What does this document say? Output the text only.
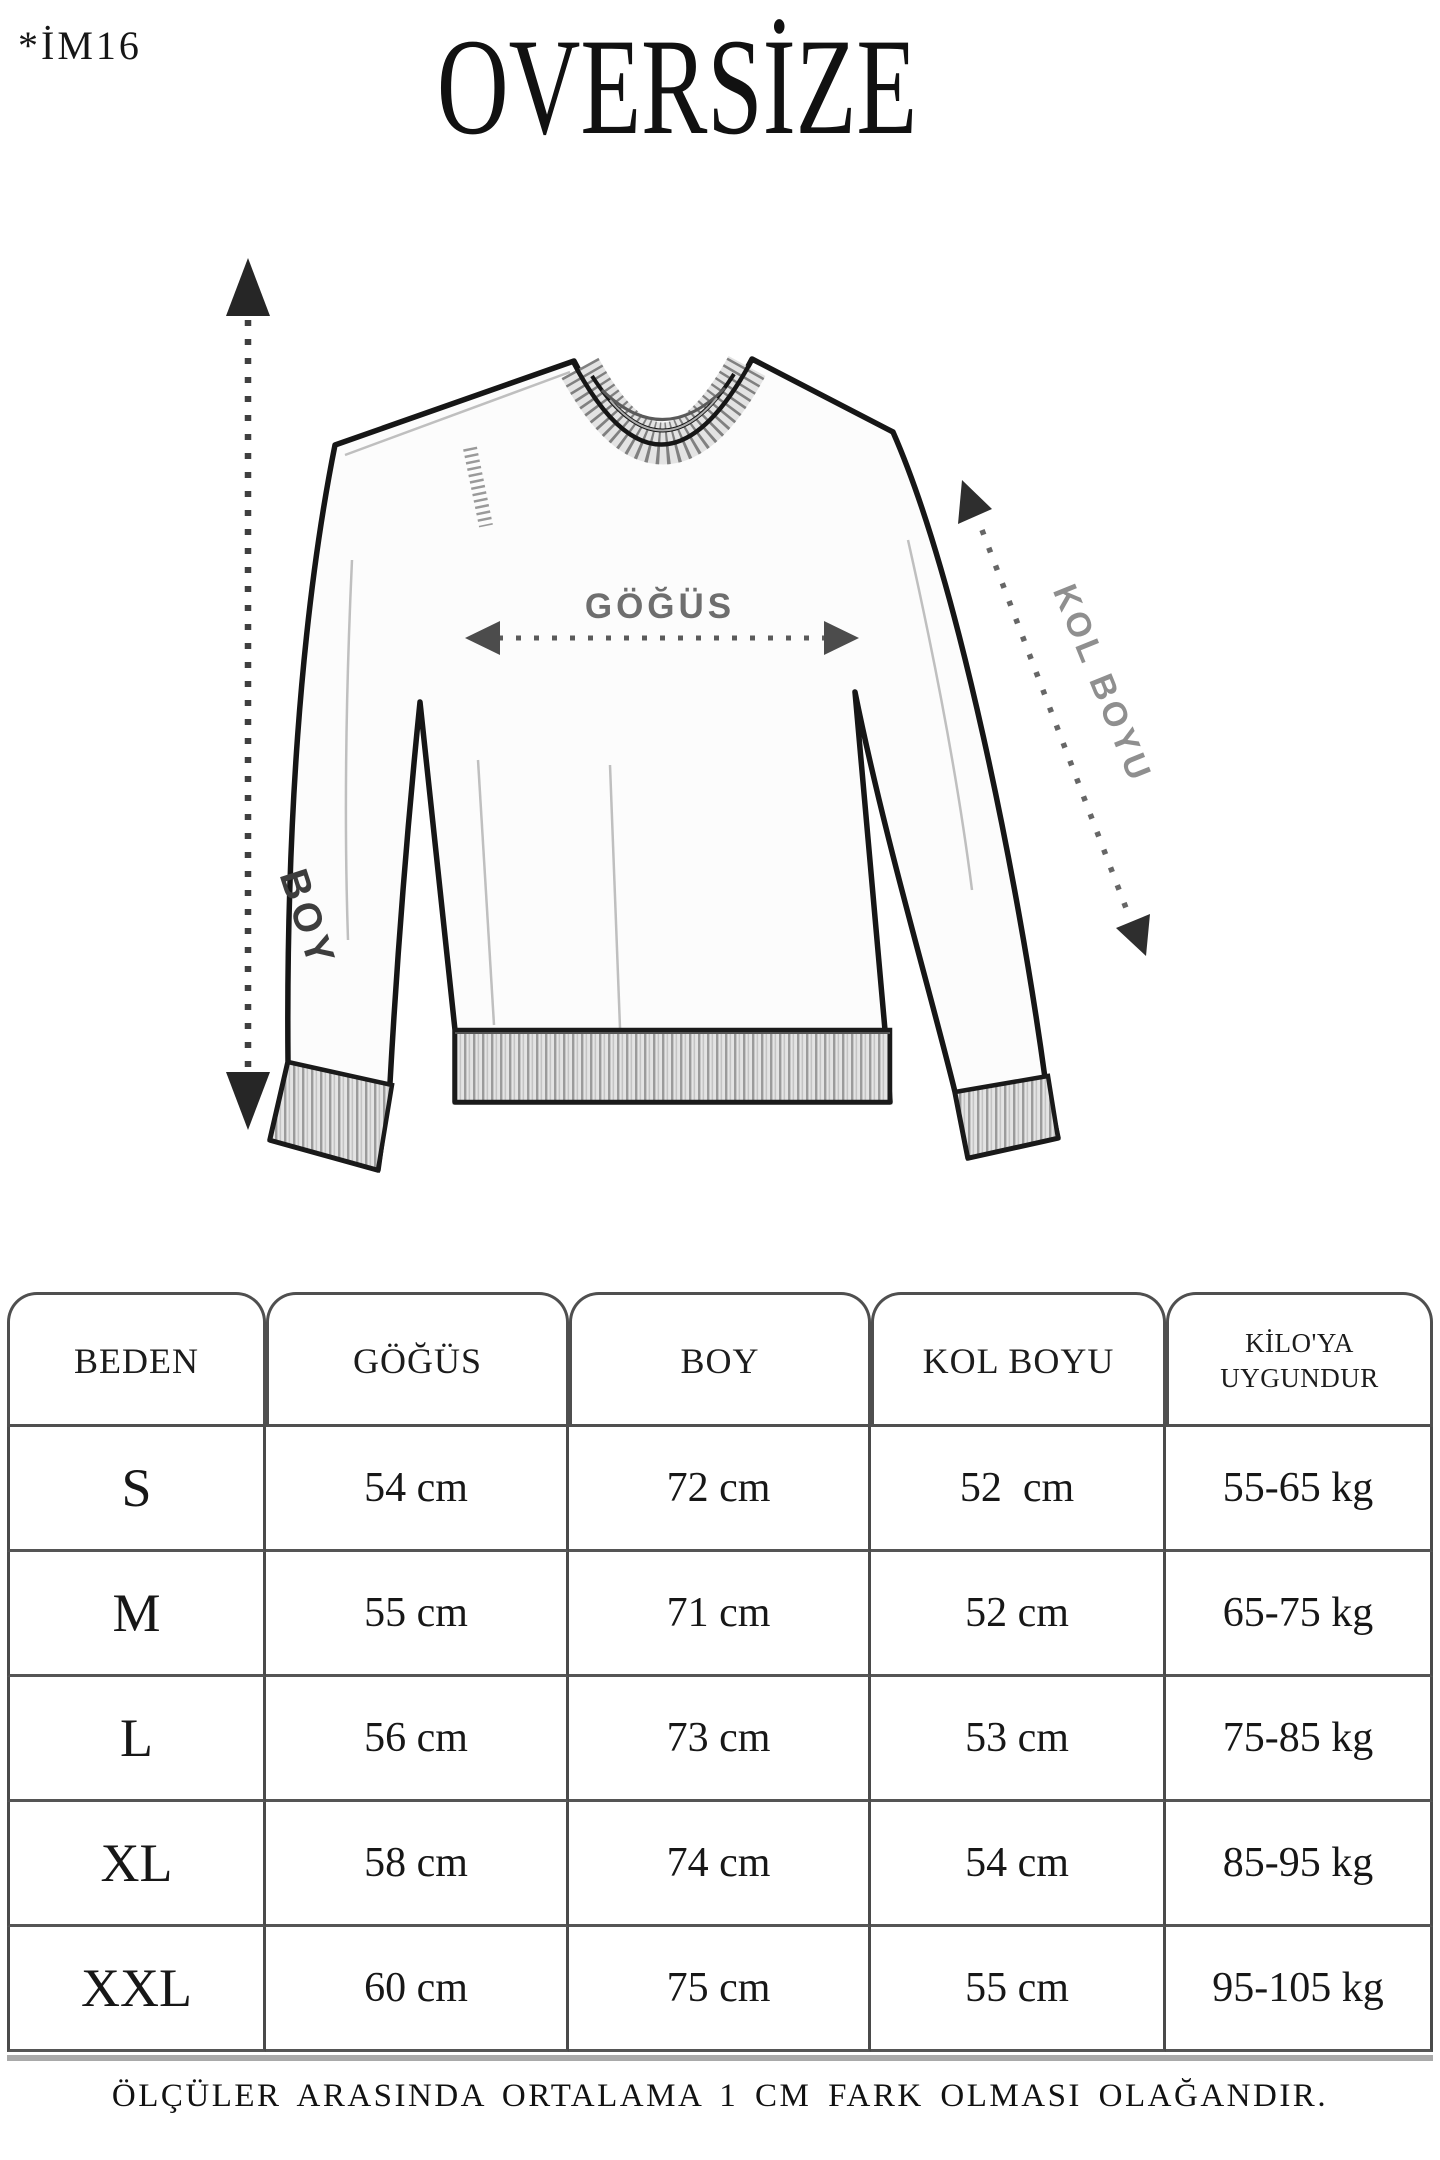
*İM16	OVERSİZE
BOY
GÖĞÜS	KOL BOYU
BEDEN	GÖĞÜS	BOY	KOL BOYU	KİLO'YA UYGUNDUR
S	54 cm	72 cm	52  cm	55-65 kg
M	55 cm	71 cm	52 cm	65-75 kg
L	56 cm	73 cm	53 cm	75-85 kg
XL	58 cm	74 cm	54 cm	85-95 kg
XXL	60 cm	75 cm	55 cm	95-105 kg
ÖLÇÜLER ARASINDA ORTALAMA 1 CM FARK OLMASI OLAĞANDIR.
